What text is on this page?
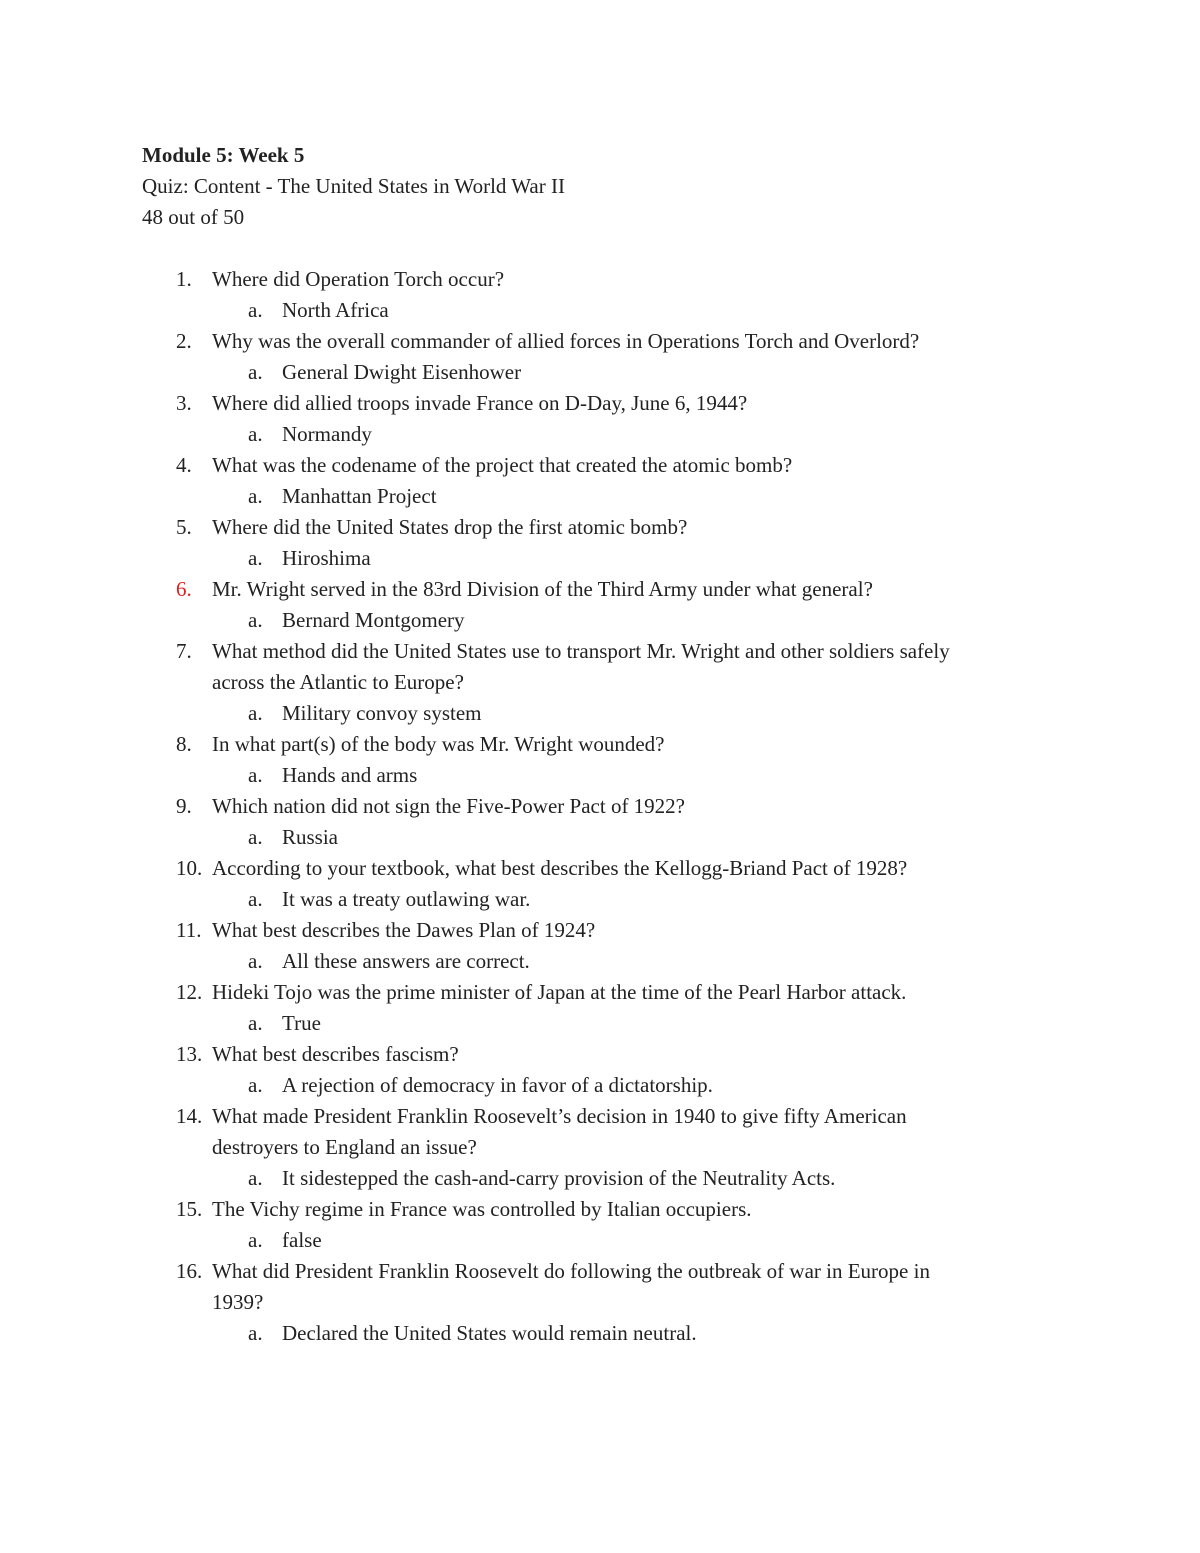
Module 5: Week 5
Quiz: Content - The United States in World War II
48 out of 50
1. Where did Operation Torch occur?
a. North Africa
2. Why was the overall commander of allied forces in Operations Torch and Overlord?
a. General Dwight Eisenhower
3. Where did allied troops invade France on D-Day, June 6, 1944?
a. Normandy
4. What was the codename of the project that created the atomic bomb?
a. Manhattan Project
5. Where did the United States drop the first atomic bomb?
a. Hiroshima
6. Mr. Wright served in the 83rd Division of the Third Army under what general?
a. Bernard Montgomery
7. What method did the United States use to transport Mr. Wright and other soldiers safely
across the Atlantic to Europe?
a. Military convoy system
8. In what part(s) of the body was Mr. Wright wounded?
a. Hands and arms
9. Which nation did not sign the Five-Power Pact of 1922?
a. Russia
10. According to your textbook, what best describes the Kellogg-Briand Pact of 1928?
a. It was a treaty outlawing war.
11. What best describes the Dawes Plan of 1924?
a. All these answers are correct.
12. Hideki Tojo was the prime minister of Japan at the time of the Pearl Harbor attack.
a. True
13. What best describes fascism?
a. A rejection of democracy in favor of a dictatorship.
14. What made President Franklin Roosevelt’s decision in 1940 to give fifty American
destroyers to England an issue?
a. It sidestepped the cash-and-carry provision of the Neutrality Acts.
15. The Vichy regime in France was controlled by Italian occupiers.
a. false
16. What did President Franklin Roosevelt do following the outbreak of war in Europe in
1939?
a. Declared the United States would remain neutral.
